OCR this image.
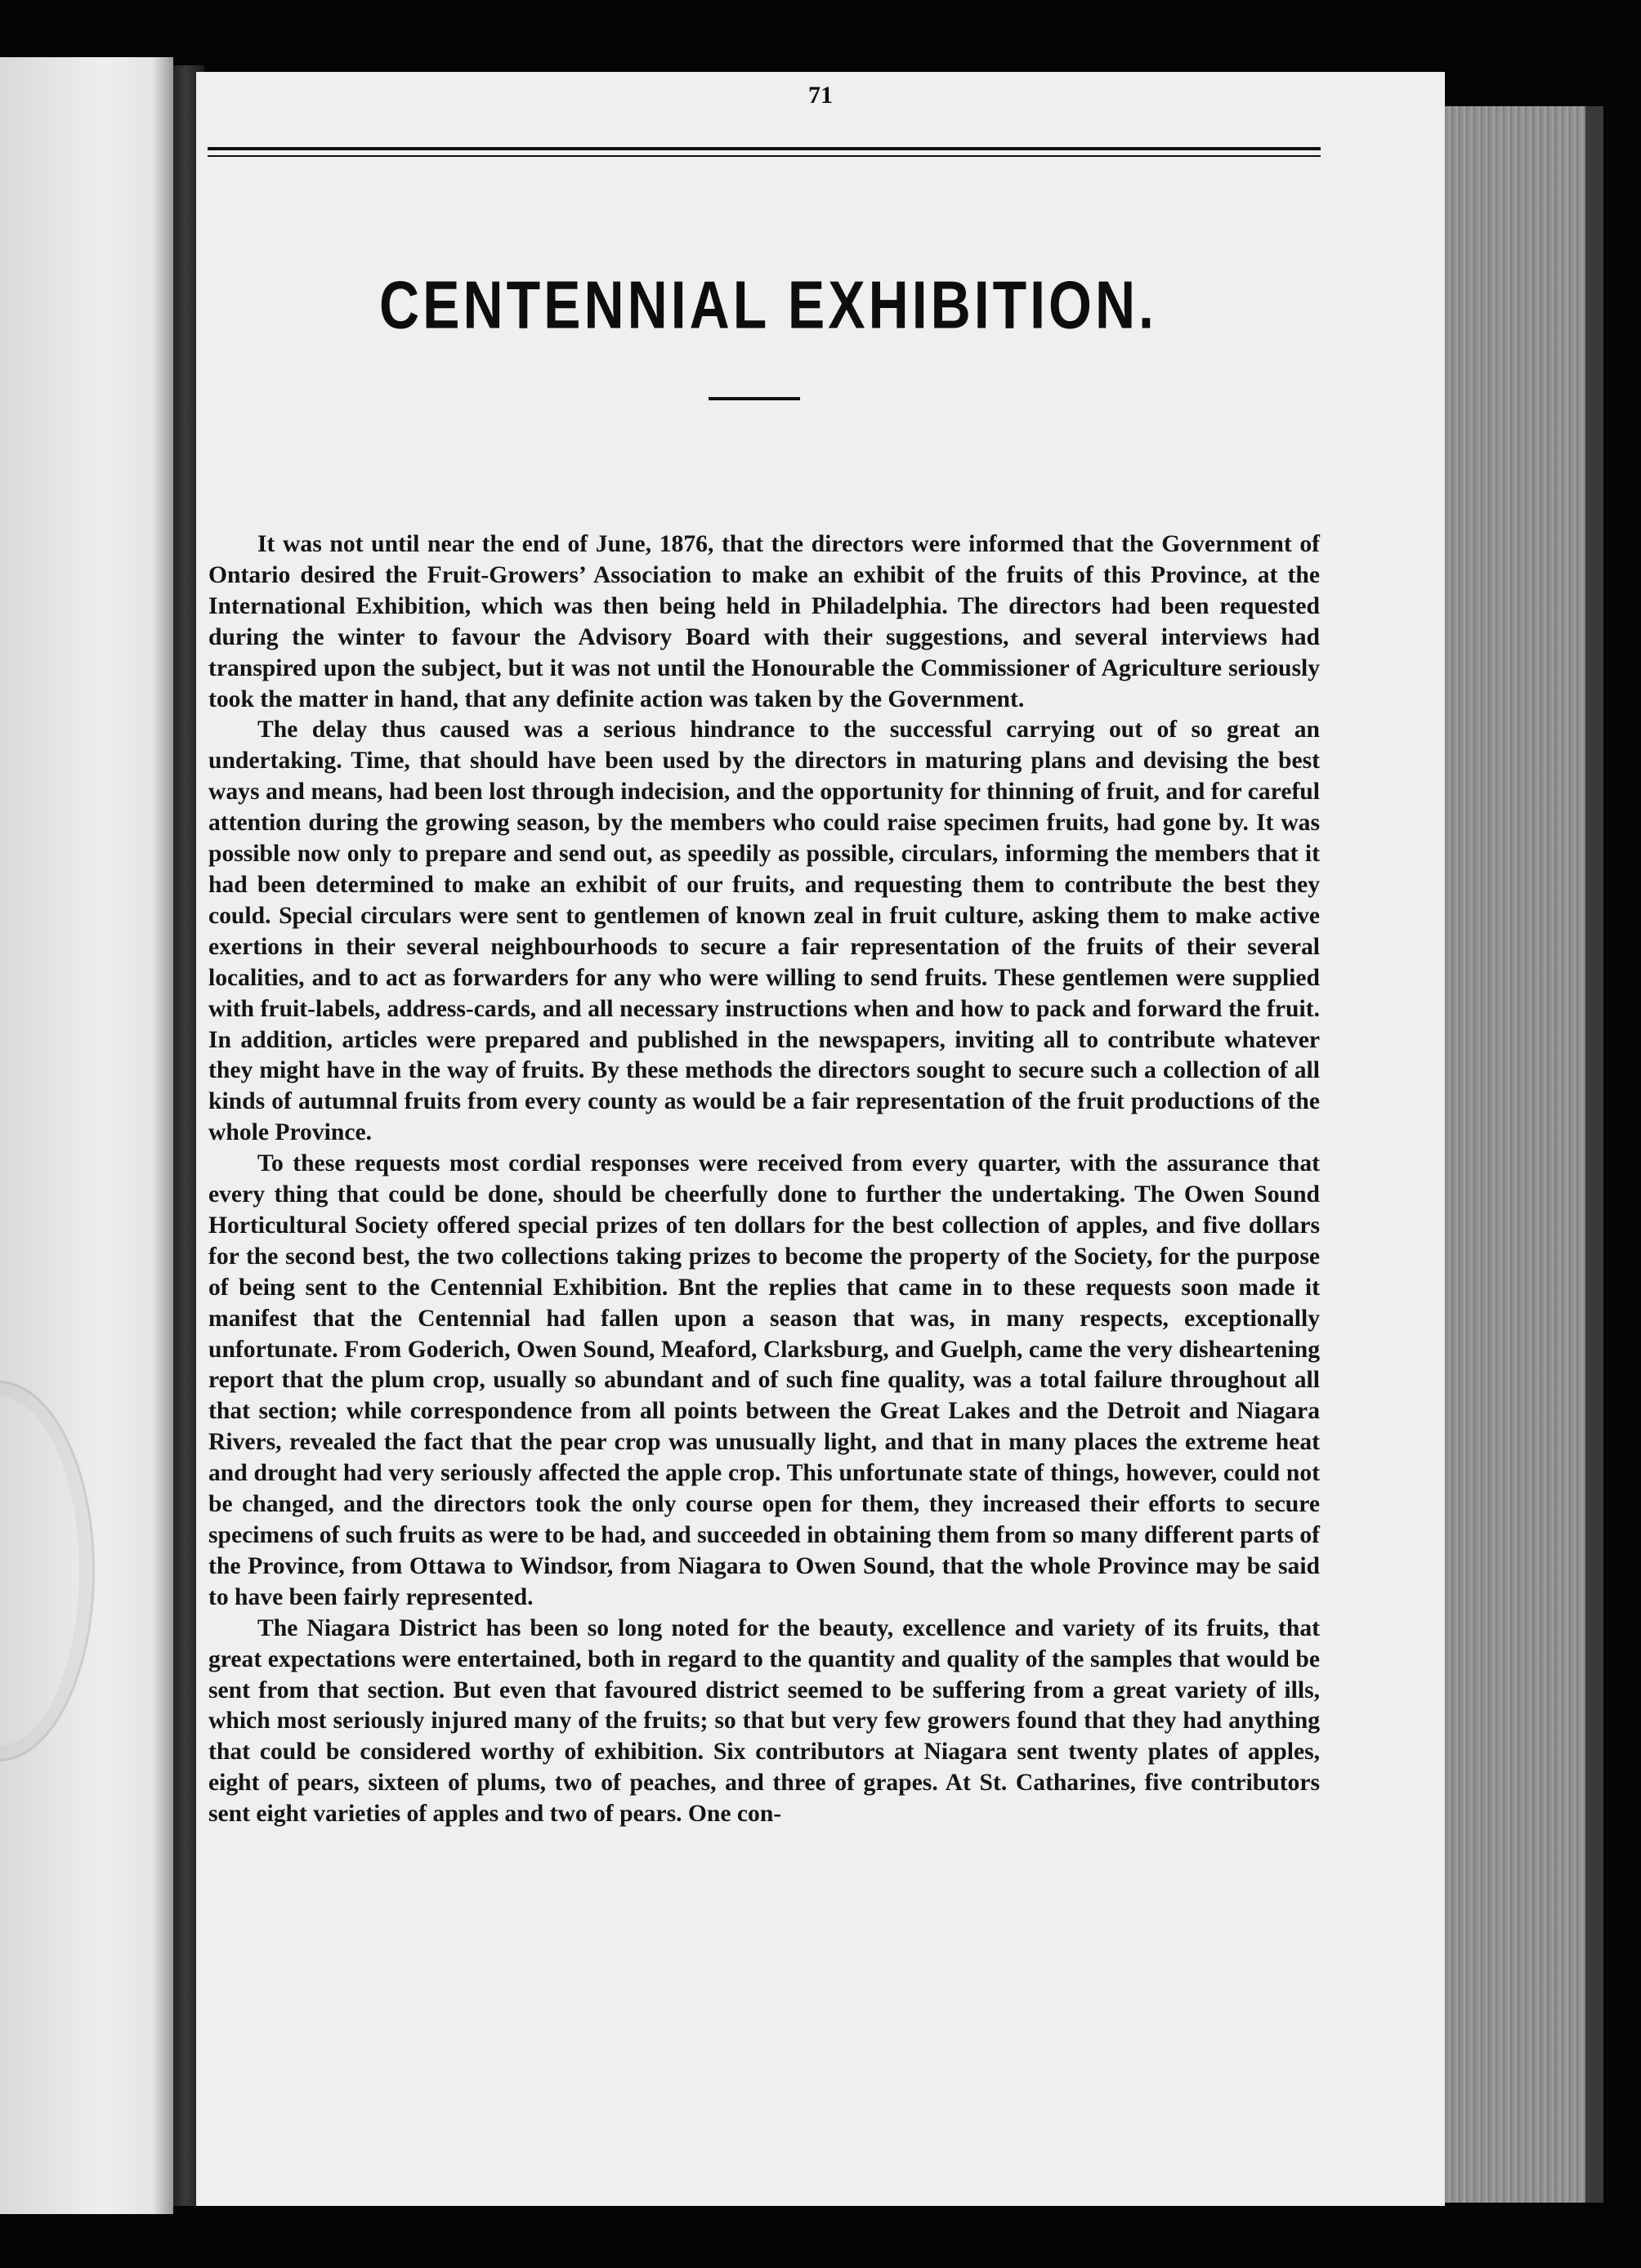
71
CENTENNIAL EXHIBITION.

It was not until near the end of June, 1876, that the directors were informed that the Government of Ontario desired the Fruit-Growers’ Association to make an exhibit of the fruits of this Province, at the International Exhibition, which was then being held in Philadelphia. The directors had been requested during the winter to favour the Advisory Board with their suggestions, and several interviews had transpired upon the subject, but it was not until the Honourable the Commissioner of Agriculture seriously took the matter in hand, that any definite action was taken by the Government.

The delay thus caused was a serious hindrance to the successful carrying out of so great an undertaking. Time, that should have been used by the directors in maturing plans and devising the best ways and means, had been lost through indecision, and the opportunity for thinning of fruit, and for careful attention during the growing season, by the members who could raise specimen fruits, had gone by. It was possible now only to prepare and send out, as speedily as possible, circulars, informing the members that it had been determined to make an exhibit of our fruits, and requesting them to contribute the best they could. Special circulars were sent to gentlemen of known zeal in fruit culture, asking them to make active exertions in their several neighbourhoods to secure a fair representation of the fruits of their several localities, and to act as forwarders for any who were willing to send fruits. These gentlemen were supplied with fruit-labels, address-cards, and all necessary instructions when and how to pack and forward the fruit. In addition, articles were prepared and published in the newspapers, inviting all to contribute whatever they might have in the way of fruits. By these methods the directors sought to secure such a collection of all kinds of autumnal fruits from every county as would be a fair representation of the fruit productions of the whole Province.

To these requests most cordial responses were received from every quarter, with the assurance that every thing that could be done, should be cheerfully done to further the undertaking. The Owen Sound Horticultural Society offered special prizes of ten dollars for the best collection of apples, and five dollars for the second best, the two collections taking prizes to become the property of the Society, for the purpose of being sent to the Centennial Exhibition. Bnt the replies that came in to these requests soon made it manifest that the Centennial had fallen upon a season that was, in many respects, exceptionally unfortunate. From Goderich, Owen Sound, Meaford, Clarksburg, and Guelph, came the very disheartening report that the plum crop, usually so abundant and of such fine quality, was a total failure throughout all that section; while correspondence from all points between the Great Lakes and the Detroit and Niagara Rivers, revealed the fact that the pear crop was unusually light, and that in many places the extreme heat and drought had very seriously affected the apple crop. This unfortunate state of things, however, could not be changed, and the directors took the only course open for them, they increased their efforts to secure specimens of such fruits as were to be had, and succeeded in obtaining them from so many different parts of the Province, from Ottawa to Windsor, from Niagara to Owen Sound, that the whole Province may be said to have been fairly represented.

The Niagara District has been so long noted for the beauty, excellence and variety of its fruits, that great expectations were entertained, both in regard to the quantity and quality of the samples that would be sent from that section. But even that favoured district seemed to be suffering from a great variety of ills, which most seriously injured many of the fruits; so that but very few growers found that they had anything that could be considered worthy of exhibition. Six contributors at Niagara sent twenty plates of apples, eight of pears, sixteen of plums, two of peaches, and three of grapes. At St. Catharines, five contributors sent eight varieties of apples and two of pears. One con-
